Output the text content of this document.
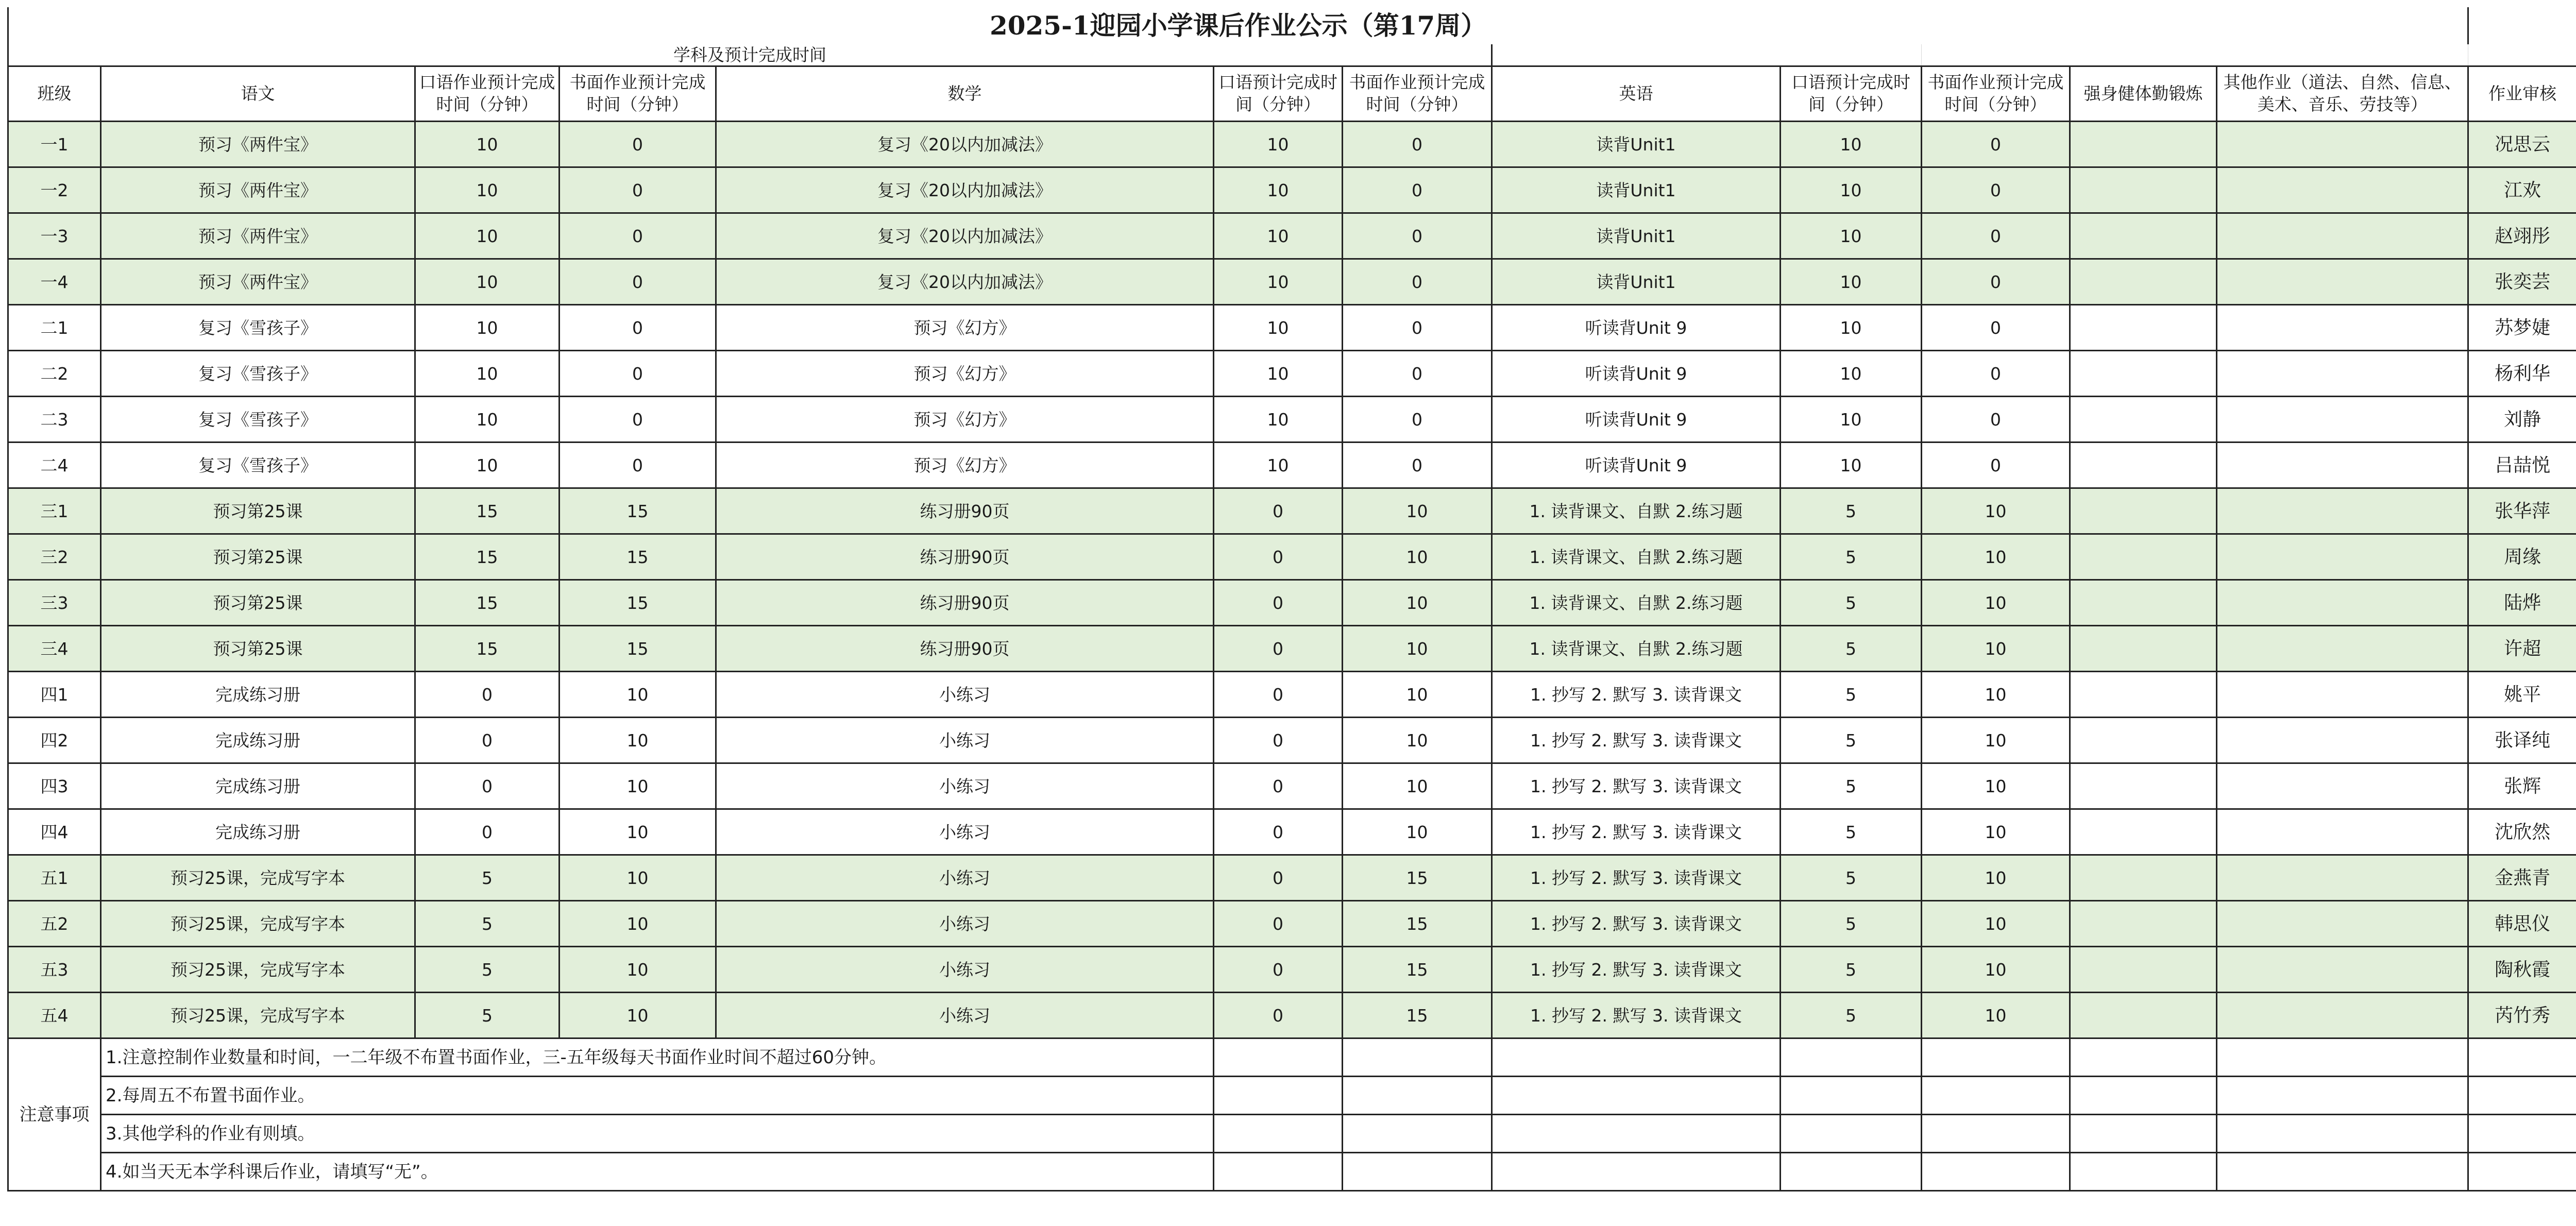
2025-1迎园小学课后作业公示（第17周）												
学科及预计完成时间												
班级	语文	口语作业预计完成时间（分钟）	书面作业预计完成时间（分钟）	数学	口语预计完成时间（分钟）	书面作业预计完成时间（分钟）	英语	口语预计完成时间（分钟）	书面作业预计完成时间（分钟）	强身健体勤锻炼	其他作业（道法、自然、信息、美术、音乐、劳技等）	作业审核
一1	预习《两件宝》	10	0	复习《20以内加减法》	10	0	读背Unit1	10	0			况思云
一2	预习《两件宝》	10	0	复习《20以内加减法》	10	0	读背Unit1	10	0			江欢
一3	预习《两件宝》	10	0	复习《20以内加减法》	10	0	读背Unit1	10	0			赵翊彤
一4	预习《两件宝》	10	0	复习《20以内加减法》	10	0	读背Unit1	10	0			张奕芸
二1	复习《雪孩子》	10	0	预习《幻方》	10	0	听读背Unit 9	10	0			苏梦婕
二2	复习《雪孩子》	10	0	预习《幻方》	10	0	听读背Unit 9	10	0			杨利华
二3	复习《雪孩子》	10	0	预习《幻方》	10	0	听读背Unit 9	10	0			刘静
二4	复习《雪孩子》	10	0	预习《幻方》	10	0	听读背Unit 9	10	0			吕喆悦
三1	预习第25课	15	15	练习册90页	0	10	1. 读背课文、自默 2.练习题	5	10			张华萍
三2	预习第25课	15	15	练习册90页	0	10	1. 读背课文、自默 2.练习题	5	10			周缘
三3	预习第25课	15	15	练习册90页	0	10	1. 读背课文、自默 2.练习题	5	10			陆烨
三4	预习第25课	15	15	练习册90页	0	10	1. 读背课文、自默 2.练习题	5	10			许超
四1	完成练习册	0	10	小练习	0	10	1. 抄写 2. 默写 3. 读背课文	5	10			姚平
四2	完成练习册	0	10	小练习	0	10	1. 抄写 2. 默写 3. 读背课文	5	10			张译纯
四3	完成练习册	0	10	小练习	0	10	1. 抄写 2. 默写 3. 读背课文	5	10			张辉
四4	完成练习册	0	10	小练习	0	10	1. 抄写 2. 默写 3. 读背课文	5	10			沈欣然
五1	预习25课，完成写字本	5	10	小练习	0	15	1. 抄写 2. 默写 3. 读背课文	5	10			金燕青
五2	预习25课，完成写字本	5	10	小练习	0	15	1. 抄写 2. 默写 3. 读背课文	5	10			韩思仪
五3	预习25课，完成写字本	5	10	小练习	0	15	1. 抄写 2. 默写 3. 读背课文	5	10			陶秋霞
五4	预习25课，完成写字本	5	10	小练习	0	15	1. 抄写 2. 默写 3. 读背课文	5	10			芮竹秀
注意事项	1.注意控制作业数量和时间，一二年级不布置书面作业，三-五年级每天书面作业时间不超过60分钟。											
	2.每周五不布置书面作业。											
	3.其他学科的作业有则填。											
	4.如当天无本学科课后作业，请填写“无”。											
